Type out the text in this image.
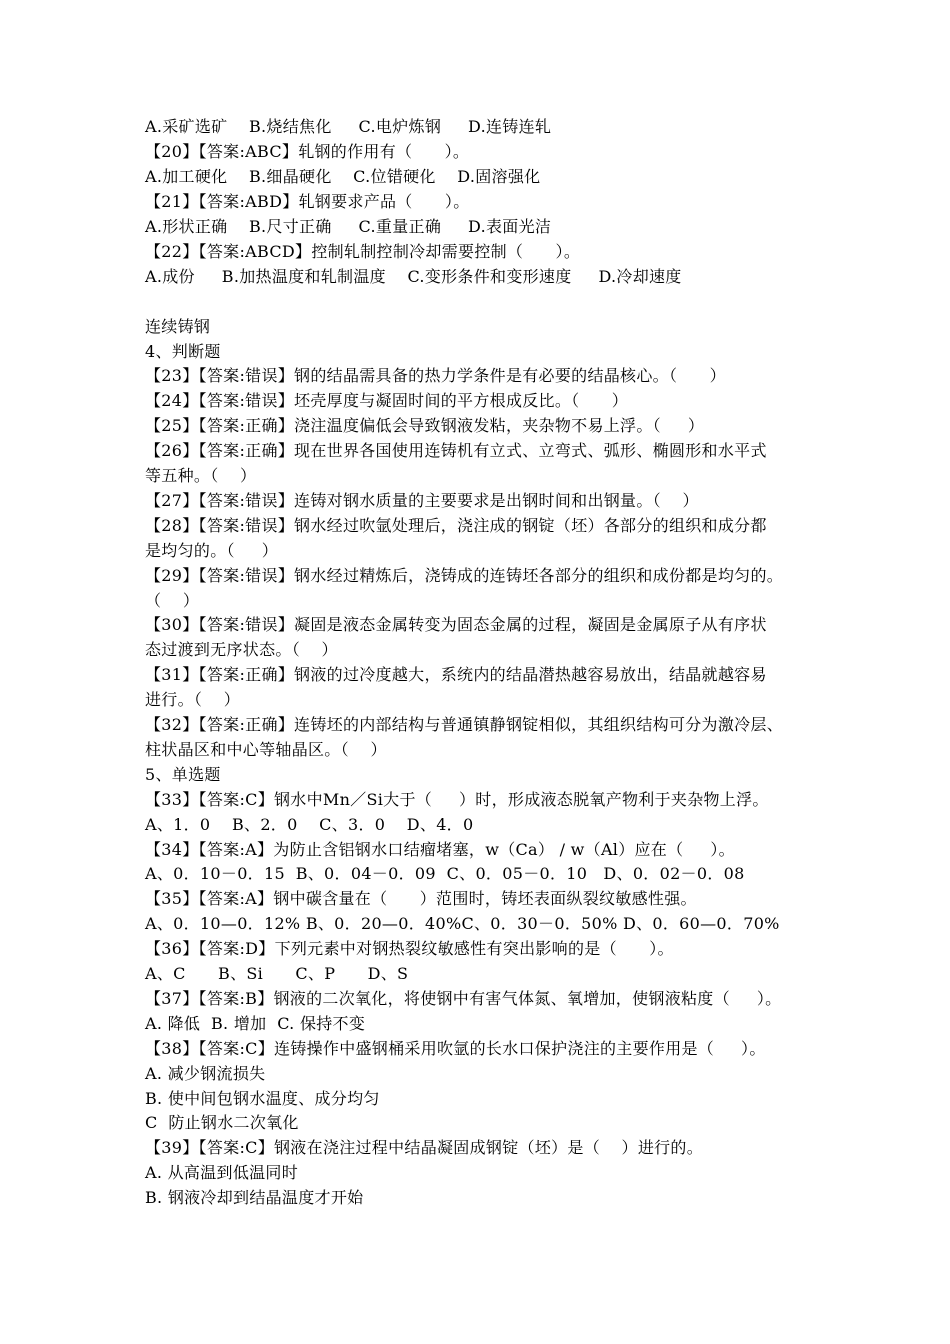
A.采矿选矿    B.烧结焦化     C.电炉炼钢     D.连铸连轧
【20】【答案:ABC】轧钢的作用有（      ）。
A.加工硬化    B.细晶硬化    C.位错硬化    D.固溶强化
【21】【答案:ABD】轧钢要求产品（      ）。
A.形状正确    B.尺寸正确     C.重量正确     D.表面光洁
【22】【答案:ABCD】控制轧制控制冷却需要控制（      ）。
A.成份     B.加热温度和轧制温度    C.变形条件和变形速度     D.冷却速度
连续铸钢
4、判断题
【23】【答案:错误】钢的结晶需具备的热力学条件是有必要的结晶核心。（      ）
【24】【答案:错误】坯壳厚度与凝固时间的平方根成反比。（      ）
【25】【答案:正确】浇注温度偏低会导致钢液发粘，夹杂物不易上浮。（     ）
【26】【答案:正确】现在世界各国使用连铸机有立式、立弯式、弧形、椭圆形和水平式
等五种。（    ）
【27】【答案:错误】连铸对钢水质量的主要要求是出钢时间和出钢量。（    ）
【28】【答案:错误】钢水经过吹氩处理后，浇注成的钢锭（坯）各部分的组织和成分都
是均匀的。（     ）
【29】【答案:错误】钢水经过精炼后，浇铸成的连铸坯各部分的组织和成份都是均匀的。
（    ）
【30】【答案:错误】凝固是液态金属转变为固态金属的过程，凝固是金属原子从有序状
态过渡到无序状态。（    ）
【31】【答案:正确】钢液的过冷度越大，系统内的结晶潜热越容易放出，结晶就越容易
进行。（    ）
【32】【答案:正确】连铸坯的内部结构与普通镇静钢锭相似，其组织结构可分为激冷层、
柱状晶区和中心等轴晶区。（    ）
5、单选题
【33】【答案:C】钢水中Mn／Si大于（     ）时，形成液态脱氧产物利于夹杂物上浮。
A、1．0    B、2．0    C、3．0    D、4．0
【34】【答案:A】为防止含铝钢水口结瘤堵塞，w（Ca） / w（Al）应在（     ）。
A、0．10－0．15  B、0．04－0．09  C、0．05－0．10   D、0．02－0．08
【35】【答案:A】钢中碳含量在（      ）范围时，铸坯表面纵裂纹敏感性强。
A、0．10—0．12% B、0．20—0．40%C、0．30－0．50% D、0．60—0．70%
【36】【答案:D】下列元素中对钢热裂纹敏感性有突出影响的是（      ）。
A、C      B、Si      C、P      D、S
【37】【答案:B】钢液的二次氧化，将使钢中有害气体氮、氧增加，使钢液粘度（     ）。
A. 降低  B. 增加  C. 保持不变
【38】【答案:C】连铸操作中盛钢桶采用吹氩的长水口保护浇注的主要作用是（     ）。
A. 减少钢流损失
B. 使中间包钢水温度、成分均匀
C  防止钢水二次氧化
【39】【答案:C】钢液在浇注过程中结晶凝固成钢锭（坯）是（    ）进行的。
A. 从高温到低温同时
B. 钢液冷却到结晶温度才开始
